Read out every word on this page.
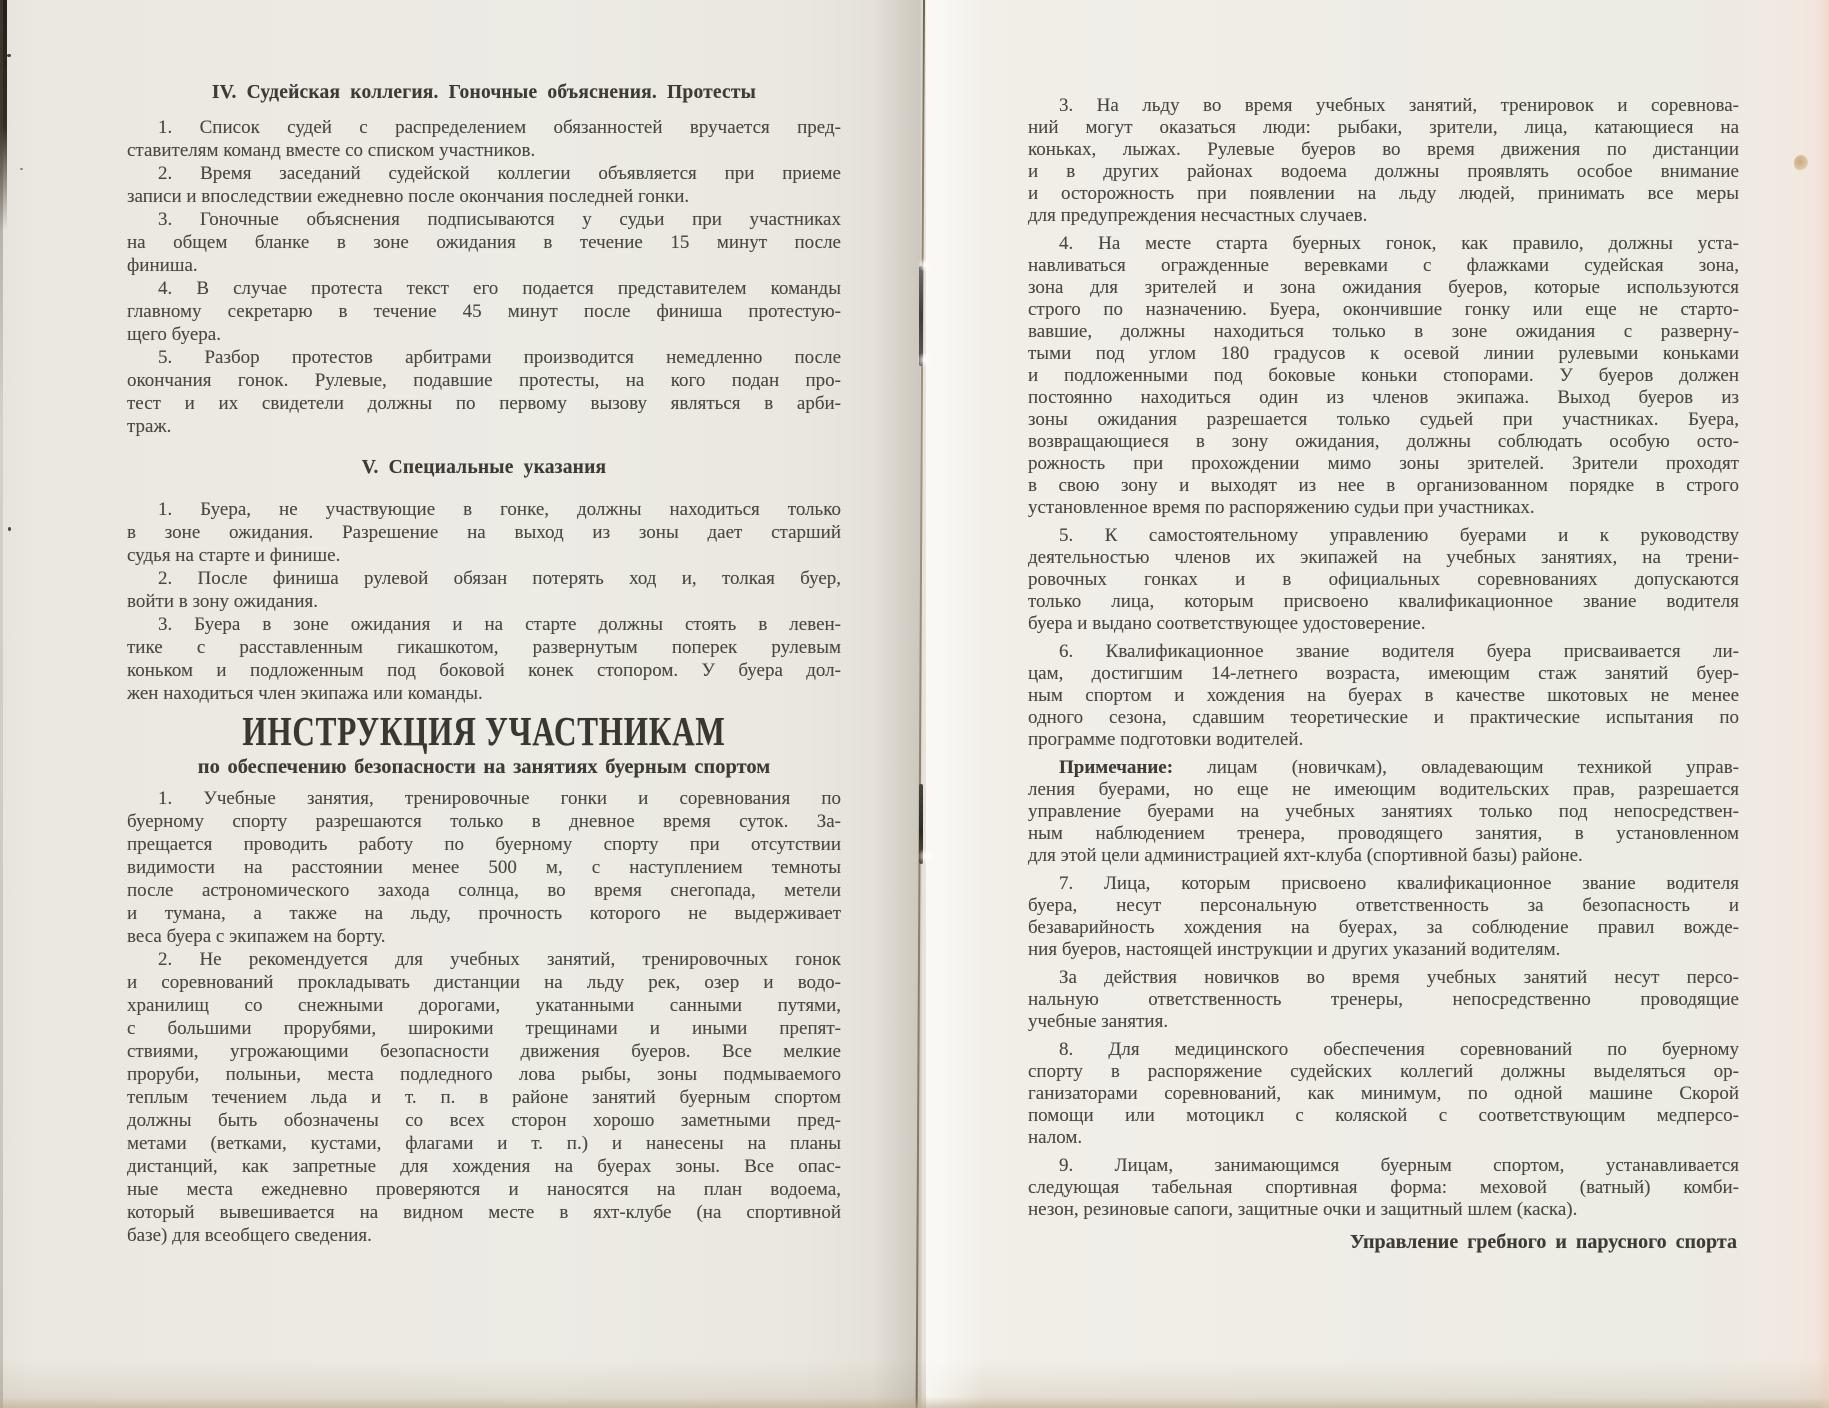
IV. Судейская коллегия. Гоночные объяснения. Протесты
1. Список судей с распределением обязанностей вручается пред-
ставителям команд вместе со списком участников.
2. Время заседаний судейской коллегии объявляется при приеме
записи и впоследствии ежедневно после окончания последней гонки.
3. Гоночные объяснения подписываются у судьи при участниках
на общем бланке в зоне ожидания в течение 15 минут после
финиша.
4. В случае протеста текст его подается представителем команды
главному секретарю в течение 45 минут после финиша протестую-
щего буера.
5. Разбор протестов арбитрами производится немедленно после
окончания гонок. Рулевые, подавшие протесты, на кого подан про-
тест и их свидетели должны по первому вызову являться в арби-
траж.
V. Специальные указания
1. Буера, не участвующие в гонке, должны находиться только
в зоне ожидания. Разрешение на выход из зоны дает старший
судья на старте и финише.
2. После финиша рулевой обязан потерять ход и, толкая буер,
войти в зону ожидания.
3. Буера в зоне ожидания и на старте должны стоять в левен-
тике с расставленным гикашкотом, развернутым поперек рулевым
коньком и подложенным под боковой конек стопором. У буера дол-
жен находиться член экипажа или команды.
ИНСТРУКЦИЯ УЧАСТНИКАМ
по обеспечению безопасности на занятиях буерным спортом
1. Учебные занятия, тренировочные гонки и соревнования по
буерному спорту разрешаются только в дневное время суток. За-
прещается проводить работу по буерному спорту при отсутствии
видимости на расстоянии менее 500 м, с наступлением темноты
после астрономического захода солнца, во время снегопада, метели
и тумана, а также на льду, прочность которого не выдерживает
веса буера с экипажем на борту.
2. Не рекомендуется для учебных занятий, тренировочных гонок
и соревнований прокладывать дистанции на льду рек, озер и водо-
хранилищ со снежными дорогами, укатанными санными путями,
с большими прорубями, широкими трещинами и иными препят-
ствиями, угрожающими безопасности движения буеров. Все мелкие
проруби, полыньи, места подледного лова рыбы, зоны подмываемого
теплым течением льда и т. п. в районе занятий буерным спортом
должны быть обозначены со всех сторон хорошо заметными пред-
метами (ветками, кустами, флагами и т. п.) и нанесены на планы
дистанций, как запретные для хождения на буерах зоны. Все опас-
ные места ежедневно проверяются и наносятся на план водоема,
который вывешивается на видном месте в яхт-клубе (на спортивной
базе) для всеобщего сведения.
3. На льду во время учебных занятий, тренировок и соревнова-
ний могут оказаться люди: рыбаки, зрители, лица, катающиеся на
коньках, лыжах. Рулевые буеров во время движения по дистанции
и в других районах водоема должны проявлять особое внимание
и осторожность при появлении на льду людей, принимать все меры
для предупреждения несчастных случаев.
4. На месте старта буерных гонок, как правило, должны уста-
навливаться огражденные веревками с флажками судейская зона,
зона для зрителей и зона ожидания буеров, которые используются
строго по назначению. Буера, окончившие гонку или еще не старто-
вавшие, должны находиться только в зоне ожидания с разверну-
тыми под углом 180 градусов к осевой линии рулевыми коньками
и подложенными под боковые коньки стопорами. У буеров должен
постоянно находиться один из членов экипажа. Выход буеров из
зоны ожидания разрешается только судьей при участниках. Буера,
возвращающиеся в зону ожидания, должны соблюдать особую осто-
рожность при прохождении мимо зоны зрителей. Зрители проходят
в свою зону и выходят из нее в организованном порядке в строго
установленное время по распоряжению судьи при участниках.
5. К самостоятельному управлению буерами и к руководству
деятельностью членов их экипажей на учебных занятиях, на трени-
ровочных гонках и в официальных соревнованиях допускаются
только лица, которым присвоено квалификационное звание водителя
буера и выдано соответствующее удостоверение.
6. Квалификационное звание водителя буера присваивается ли-
цам, достигшим 14-летнего возраста, имеющим стаж занятий буер-
ным спортом и хождения на буерах в качестве шкотовых не менее
одного сезона, сдавшим теоретические и практические испытания по
программе подготовки водителей.
Примечание: лицам (новичкам), овладевающим техникой управ-
ления буерами, но еще не имеющим водительских прав, разрешается
управление буерами на учебных занятиях только под непосредствен-
ным наблюдением тренера, проводящего занятия, в установленном
для этой цели администрацией яхт-клуба (спортивной базы) районе.
7. Лица, которым присвоено квалификационное звание водителя
буера, несут персональную ответственность за безопасность и
безаварийность хождения на буерах, за соблюдение правил вожде-
ния буеров, настоящей инструкции и других указаний водителям.
За действия новичков во время учебных занятий несут персо-
нальную ответственность тренеры, непосредственно проводящие
учебные занятия.
8. Для медицинского обеспечения соревнований по буерному
спорту в распоряжение судейских коллегий должны выделяться ор-
ганизаторами соревнований, как минимум, по одной машине Скорой
помощи или мотоцикл с коляской с соответствующим медперсо-
налом.
9. Лицам, занимающимся буерным спортом, устанавливается
следующая табельная спортивная форма: меховой (ватный) комби-
незон, резиновые сапоги, защитные очки и защитный шлем (каска).
Управление гребного и парусного спорта
